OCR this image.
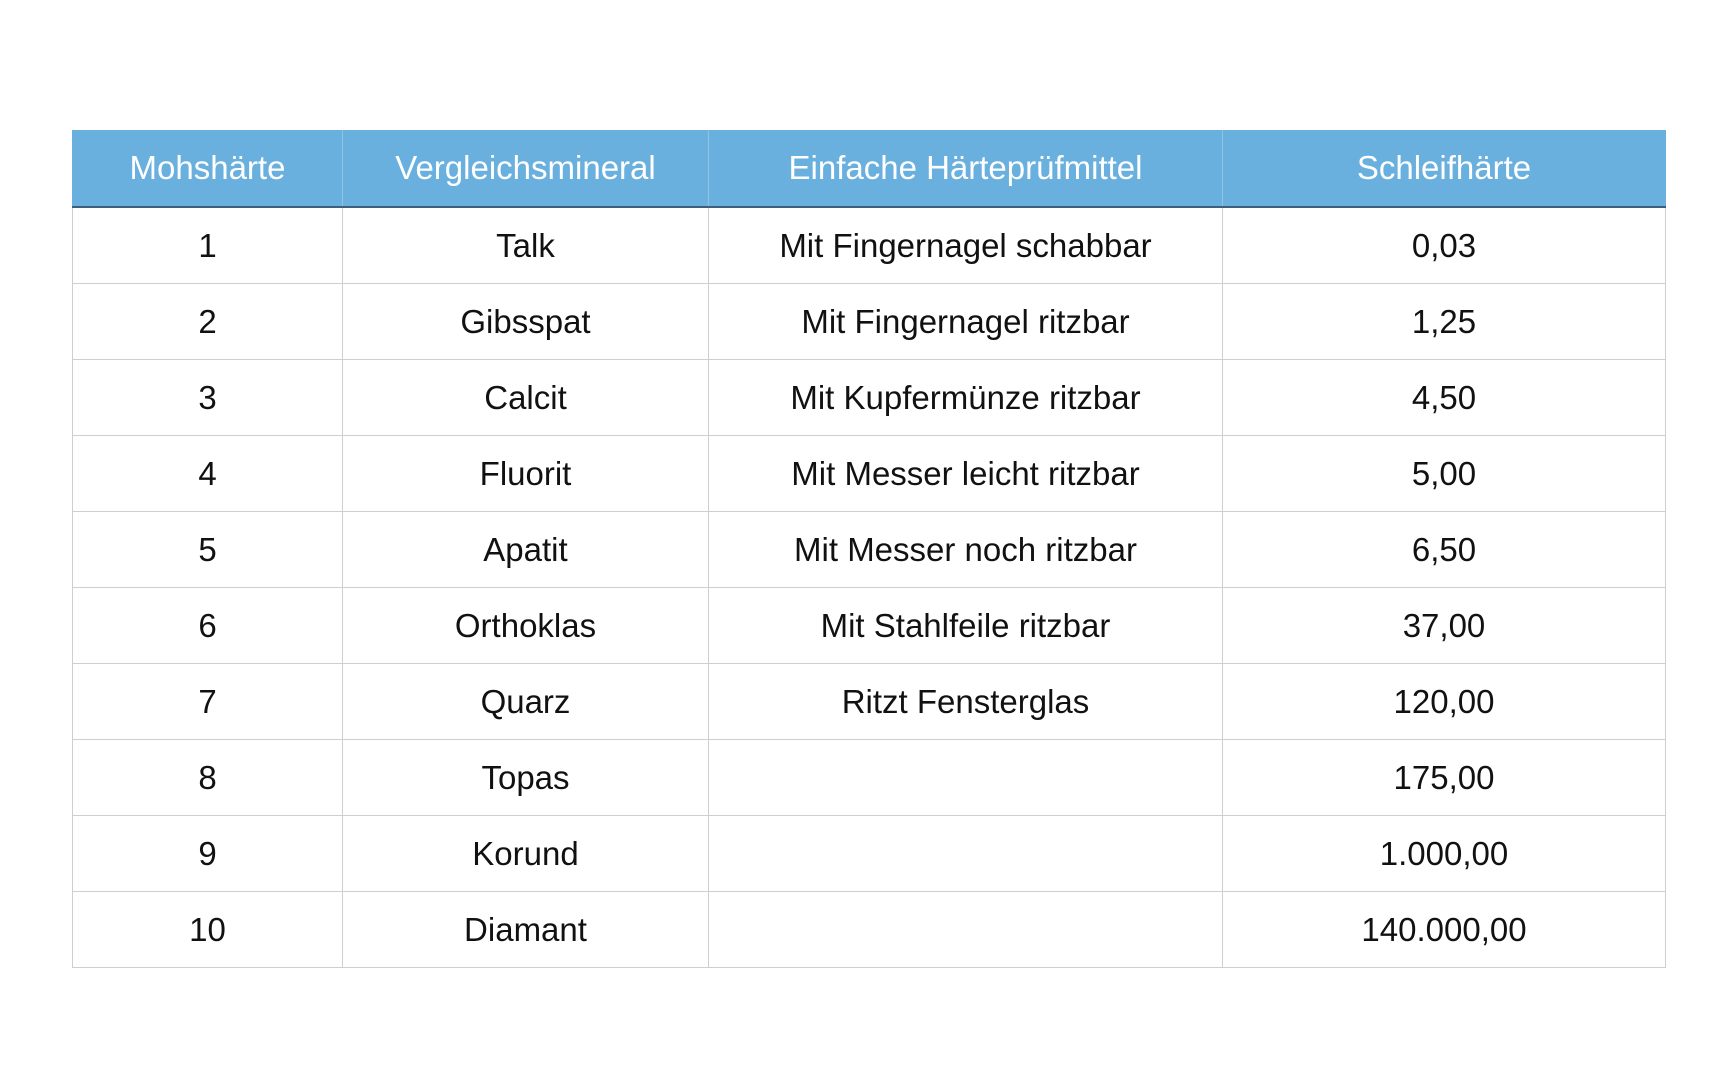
Mohshärte	Vergleichsmineral	Einfache Härteprüfmittel	Schleifhärte
1	Talk	Mit Fingernagel schabbar	0,03
2	Gibsspat	Mit Fingernagel ritzbar	1,25
3	Calcit	Mit Kupfermünze ritzbar	4,50
4	Fluorit	Mit Messer leicht ritzbar	5,00
5	Apatit	Mit Messer noch ritzbar	6,50
6	Orthoklas	Mit Stahlfeile ritzbar	37,00
7	Quarz	Ritzt Fensterglas	120,00
8	Topas		175,00
9	Korund		1.000,00
10	Diamant		140.000,00
